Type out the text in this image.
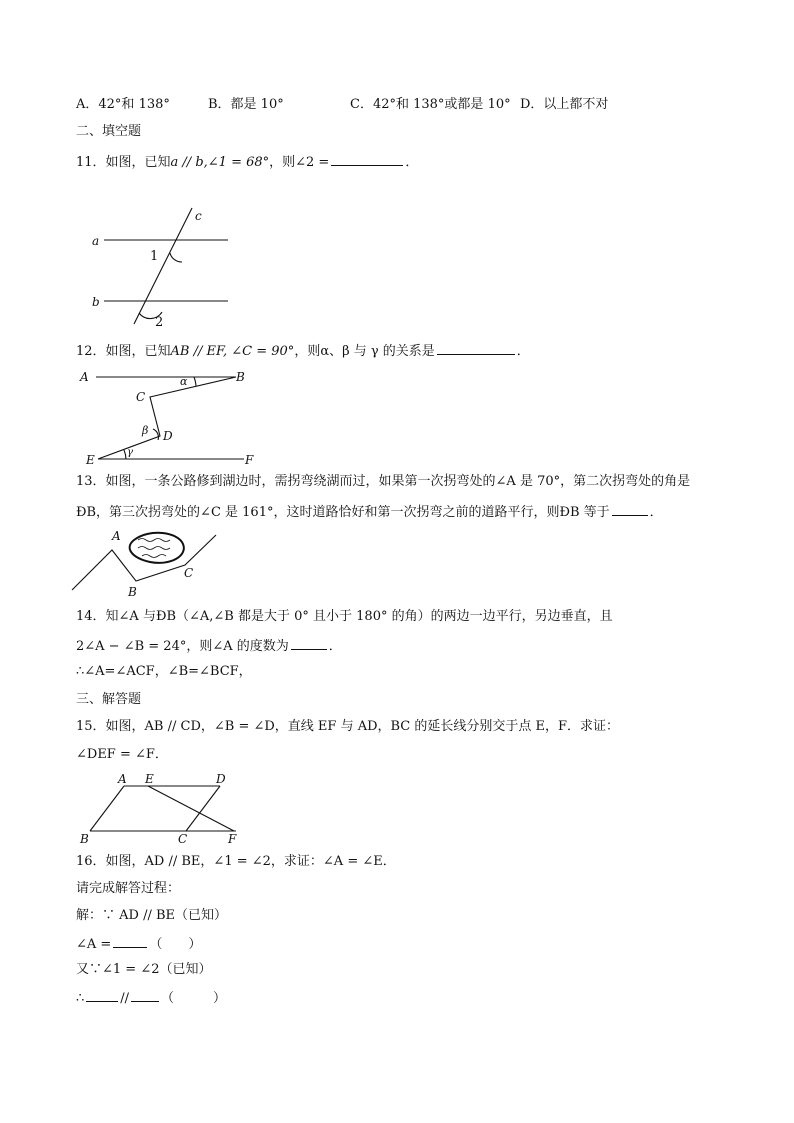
A．42°和 138°	B．都是 10°	C．42°和 138°或都是 10° D．以上都不对
二、填空题
11．如图，已知a // b,∠1 = 68°，则∠2 =	．
a
b
c
1
2
12．如图，已知AB // EF, ∠C = 90°，则α、β 与 γ 的关系是	．
A	B
C
D
E	F
α
β
γ
13．如图，一条公路修到湖边时，需拐弯绕湖而过，如果第一次拐弯处的∠A 是 70°，第二次拐弯处的角是
ÐB，第三次拐弯处的∠C 是 161°，这时道路恰好和第一次拐弯之前的道路平行，则ÐB 等于	．
A
B
C
14．知∠A 与ÐB（∠A,∠B 都是大于 0° 且小于 180° 的角）的两边一边平行，另边垂直，且
2∠A − ∠B = 24°，则∠A 的度数为	．
∴∠A=∠ACF，∠B=∠BCF，
三、解答题
15．如图，AB // CD，∠B = ∠D，直线 EF 与 AD，BC 的延长线分别交于点 E，F．求证：
∠DEF = ∠F．
A E	D
B	C	F
16．如图，AD // BE，∠1 = ∠2，求证：∠A = ∠E．
请完成解答过程：
解：∵ AD // BE（已知）
∠A =	（　　）
又∵∠1 = ∠2（已知）
∴	// （　　　）
